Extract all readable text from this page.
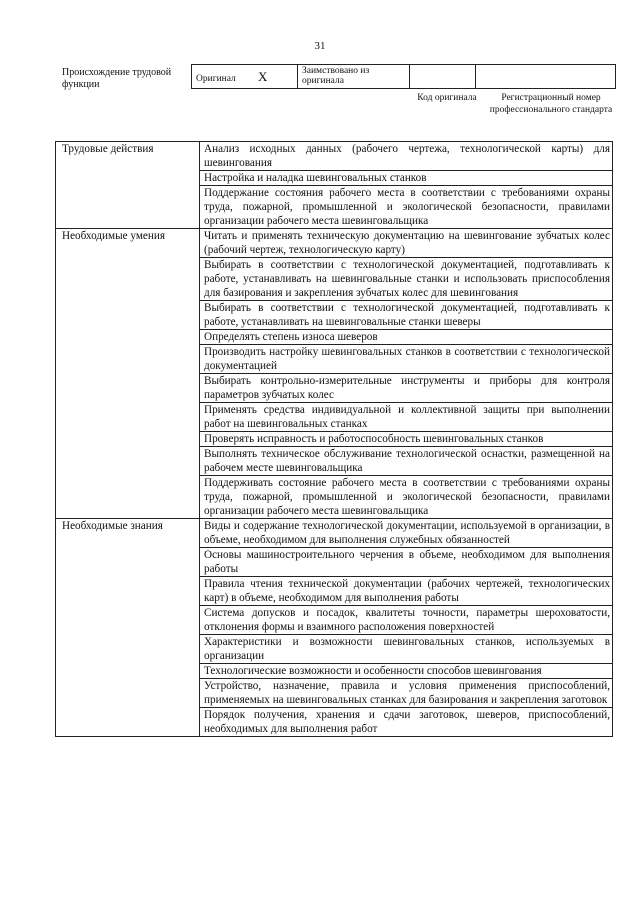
31
Происхождение трудовой функции
Оригинал X	Заимствовано из оригинала		
Код оригинала	Регистрационный номер профессионального стандарта
Трудовые действия	Анализ исходных данных (рабочего чертежа, технологической карты) для шевингования
	Настройка и наладка шевинговальных станков
	Поддержание состояния рабочего места в соответствии с требованиями охраны труда, пожарной, промышленной и экологической безопасности, правилами организации рабочего места шевинговальщика
Необходимые умения	Читать и применять техническую документацию на шевингование зубчатых колес (рабочий чертеж, технологическую карту)
	Выбирать в соответствии с технологической документацией, подготавливать к работе, устанавливать на шевинговальные станки и использовать приспособления для базирования и закрепления зубчатых колес для шевингования
	Выбирать в соответствии с технологической документацией, подготавливать к работе, устанавливать на шевинговальные станки шеверы
	Определять степень износа шеверов
	Производить настройку шевинговальных станков в соответствии с технологической документацией
	Выбирать контрольно-измерительные инструменты и приборы для контроля параметров зубчатых колес
	Применять средства индивидуальной и коллективной защиты при выполнении работ на шевинговальных станках
	Проверять исправность и работоспособность шевинговальных станков
	Выполнять техническое обслуживание технологической оснастки, размещенной на рабочем месте шевинговальщика
	Поддерживать состояние рабочего места в соответствии с требованиями охраны труда, пожарной, промышленной и экологической безопасности, правилами организации рабочего места шевинговальщика
Необходимые знания	Виды и содержание технологической документации, используемой в организации, в объеме, необходимом для выполнения служебных обязанностей
	Основы машиностроительного черчения в объеме, необходимом для выполнения работы
	Правила чтения технической документации (рабочих чертежей, технологических карт) в объеме, необходимом для выполнения работы
	Система допусков и посадок, квалитеты точности, параметры шероховатости, отклонения формы и взаимного расположения поверхностей
	Характеристики и возможности шевинговальных станков, используемых в организации
	Технологические возможности и особенности способов шевингования
	Устройство, назначение, правила и условия применения приспособлений, применяемых на шевинговальных станках для базирования и закрепления заготовок
	Порядок получения, хранения и сдачи заготовок, шеверов, приспособлений, необходимых для выполнения работ
